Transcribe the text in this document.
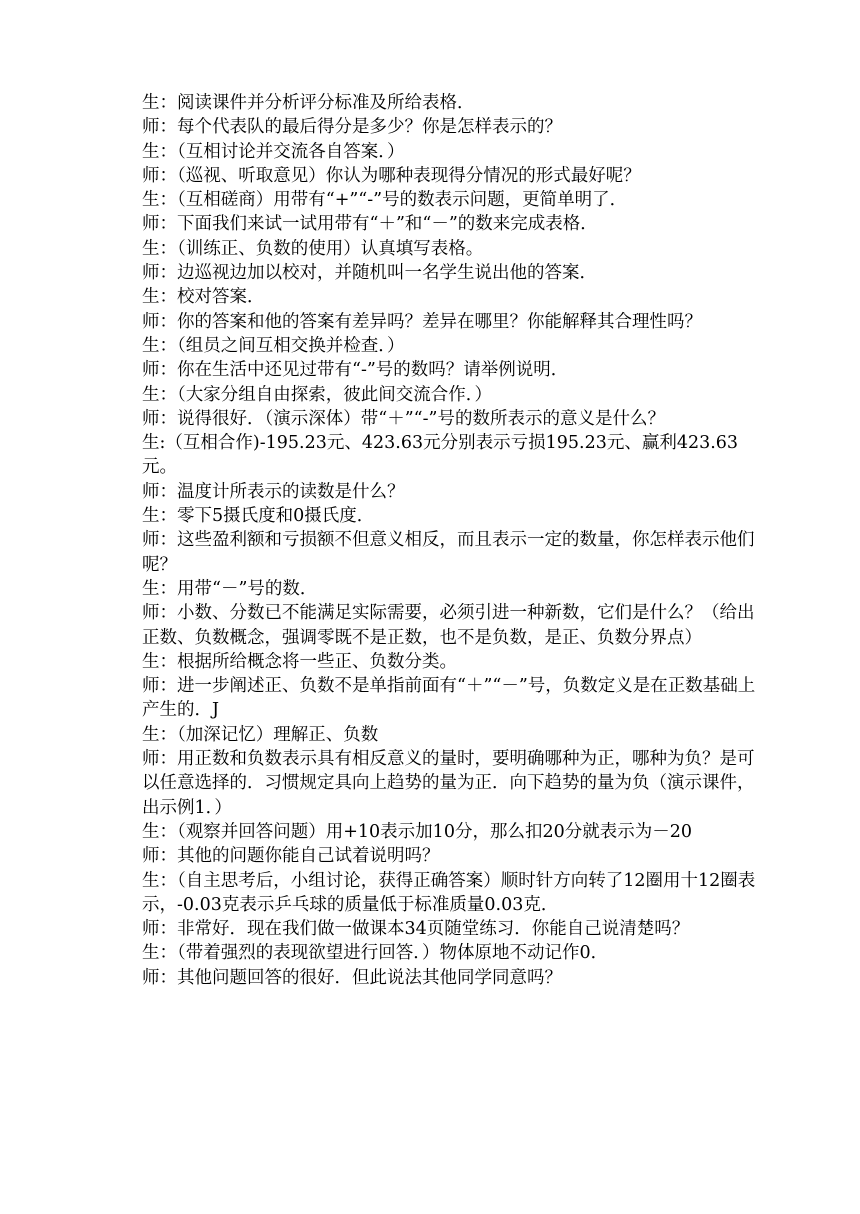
生：阅读课件并分析评分标准及所给表格．

师：每个代表队的最后得分是多少？你是怎样表示的？

生：（互相讨论并交流各自答案．）

师：（巡视、听取意见）你认为哪种表现得分情况的形式最好呢？

生：（互相磋商）用带有“+”“-”号的数表示问题，更简单明了．

师：下面我们来试一试用带有“＋”和“－”的数来完成表格．

生：（训练正、负数的使用）认真填写表格。

师：边巡视边加以校对，并随机叫一名学生说出他的答案．

生：校对答案．

师：你的答案和他的答案有差异吗？差异在哪里？你能解释其合理性吗？

生：（组员之间互相交换并检查．）

师：你在生活中还见过带有“-”号的数吗？请举例说明．

生：（大家分组自由探索，彼此间交流合作．）

师：说得很好．（演示深体）带“＋”“-”号的数所表示的意义是什么？

生:（互相合作)-195.23元、423.63元分别表示亏损195.23元、赢利423.63元。

师：温度计所表示的读数是什么？

生：零下5摄氏度和0摄氏度．

师：这些盈利额和亏损额不但意义相反，而且表示一定的数量，你怎样表示他们呢？

生：用带“－”号的数．

师：小数、分数已不能满足实际需要，必须引进一种新数，它们是什么？（给出正数、负数概念，强调零既不是正数，也不是负数，是正、负数分界点）

生：根据所给概念将一些正、负数分类。

师：进一步阐述正、负数不是单指前面有“＋”“－”号，负数定义是在正数基础上产生的．J

生：（加深记忆）理解正、负数

师：用正数和负数表示具有相反意义的量时，要明确哪种为正，哪种为负？是可以任意选择的．习惯规定具向上趋势的量为正．向下趋势的量为负（演示课件，出示例1．）

生：（观察并回答问题）用+10表示加10分，那么扣20分就表示为－20

师：其他的问题你能自己试着说明吗？

生：（自主思考后，小组讨论，获得正确答案）顺时针方向转了12圈用十12圈表示，-0.03克表示乒乓球的质量低于标准质量0.03克．

师：非常好．现在我们做一做课本34页随堂练习．你能自己说清楚吗？

生：（带着强烈的表现欲望进行回答．）物体原地不动记作0．

师：其他问题回答的很好．但此说法其他同学同意吗？
